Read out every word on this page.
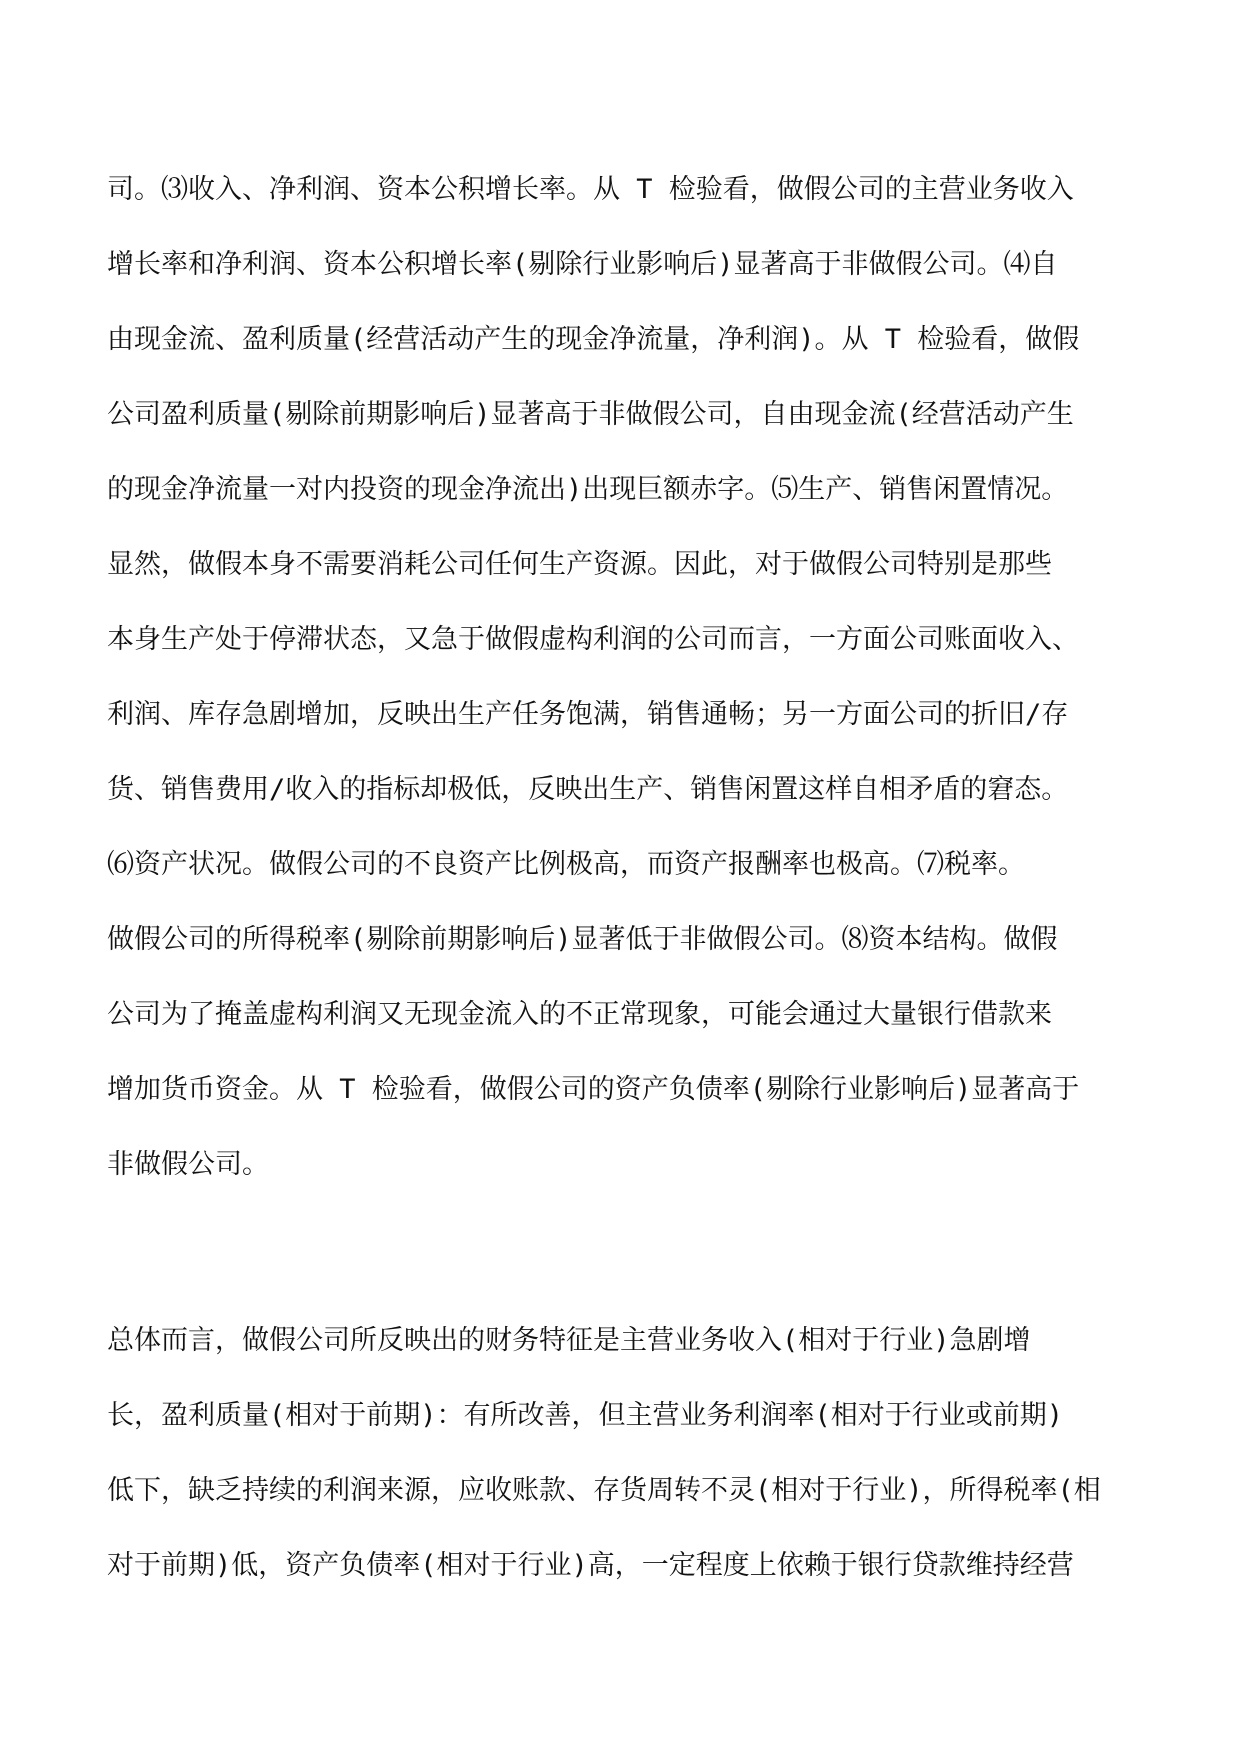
司。⑶收入、净利润、资本公积增长率。从 T 检验看，做假公司的主营业务收入
增长率和净利润、资本公积增长率(剔除行业影响后)显著高于非做假公司。⑷自
由现金流、盈利质量(经营活动产生的现金净流量，净利润)。从 T 检验看，做假
公司盈利质量(剔除前期影响后)显著高于非做假公司，自由现金流(经营活动产生
的现金净流量一对内投资的现金净流出)出现巨额赤字。⑸生产、销售闲置情况。
显然，做假本身不需要消耗公司任何生产资源。因此，对于做假公司特别是那些
本身生产处于停滞状态，又急于做假虚构利润的公司而言，一方面公司账面收入、
利润、库存急剧增加，反映出生产任务饱满，销售通畅；另一方面公司的折旧/存
货、销售费用/收入的指标却极低，反映出生产、销售闲置这样自相矛盾的窘态。
⑹资产状况。做假公司的不良资产比例极高，而资产报酬率也极高。⑺税率。
做假公司的所得税率(剔除前期影响后)显著低于非做假公司。⑻资本结构。做假
公司为了掩盖虚构利润又无现金流入的不正常现象，可能会通过大量银行借款来
增加货币资金。从 T 检验看，做假公司的资产负债率(剔除行业影响后)显著高于
非做假公司。
总体而言，做假公司所反映出的财务特征是主营业务收入(相对于行业)急剧增
长，盈利质量(相对于前期)：有所改善，但主营业务利润率(相对于行业或前期)
低下，缺乏持续的利润来源，应收账款、存货周转不灵(相对于行业)，所得税率(相
对于前期)低，资产负债率(相对于行业)高，一定程度上依赖于银行贷款维持经营
